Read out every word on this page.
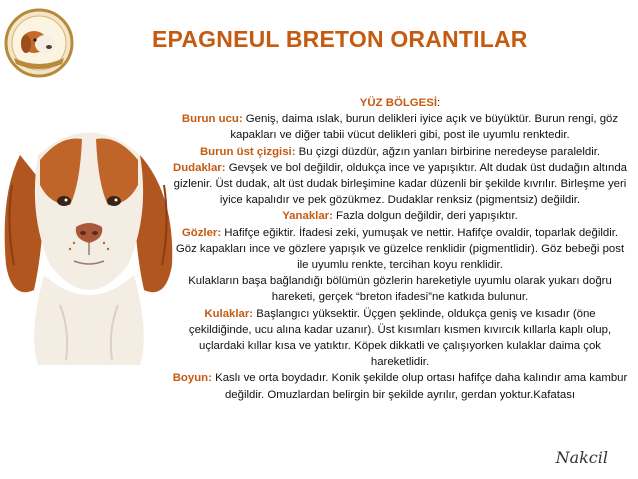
EPAGNEUL BRETON ORANTILAR

YÜZ BÖLGESİ:

Burun ucu: Geniş, daima ıslak, burun delikleri iyice açık ve büyüktür. Burun rengi, göz kapakları ve diğer tabii vücut delikleri gibi, post ile uyumlu renktedir.

Burun üst çizgisi: Bu çizgi düzdür, ağzın yanları birbirine neredeyse paraleldir.

Dudaklar: Gevşek ve bol değildir, oldukça ince ve yapışıktır. Alt dudak üst dudağın altında gizlenir. Üst dudak, alt üst dudak birleşimine kadar düzenli bir şekilde kıvrılır. Birleşme yeri iyice kapalıdır ve pek gözükmez. Dudaklar renksiz (pigmentsiz) değildir.

Yanaklar: Fazla dolgun değildir, deri yapışıktır.

Gözler: Hafifçe eğiktir. İfadesi zeki, yumuşak ve nettir. Hafifçe ovaldir, toparlak değildir. Göz kapakları ince ve gözlere yapışık ve güzelce renklidir (pigmentlidir). Göz bebeği post ile uyumlu renkte, tercihan koyu renklidir.

Kulakların başa bağlandığı bölümün gözlerin hareketiyle uyumlu olarak yukarı doğru hareketi, gerçek “breton ifadesi”ne katkıda bulunur.

Kulaklar: Başlangıcı yüksektir. Üçgen şeklinde, oldukça geniş ve kısadır (öne çekildiğinde, ucu alına kadar uzanır). Üst kısımları kısmen kıvırcık kıllarla kaplı olup, uçlardaki kıllar kısa ve yatıktır. Köpek dikkatli ve çalışıyorken kulaklar daima çok hareketlidir.

Boyun: Kaslı ve orta boydadır. Konik şekilde olup ortası hafifçe daha kalındır ama kambur değildir. Omuzlardan belirgin bir şekilde ayrılır, gerdan yoktur.Kafatası

Nakcil
